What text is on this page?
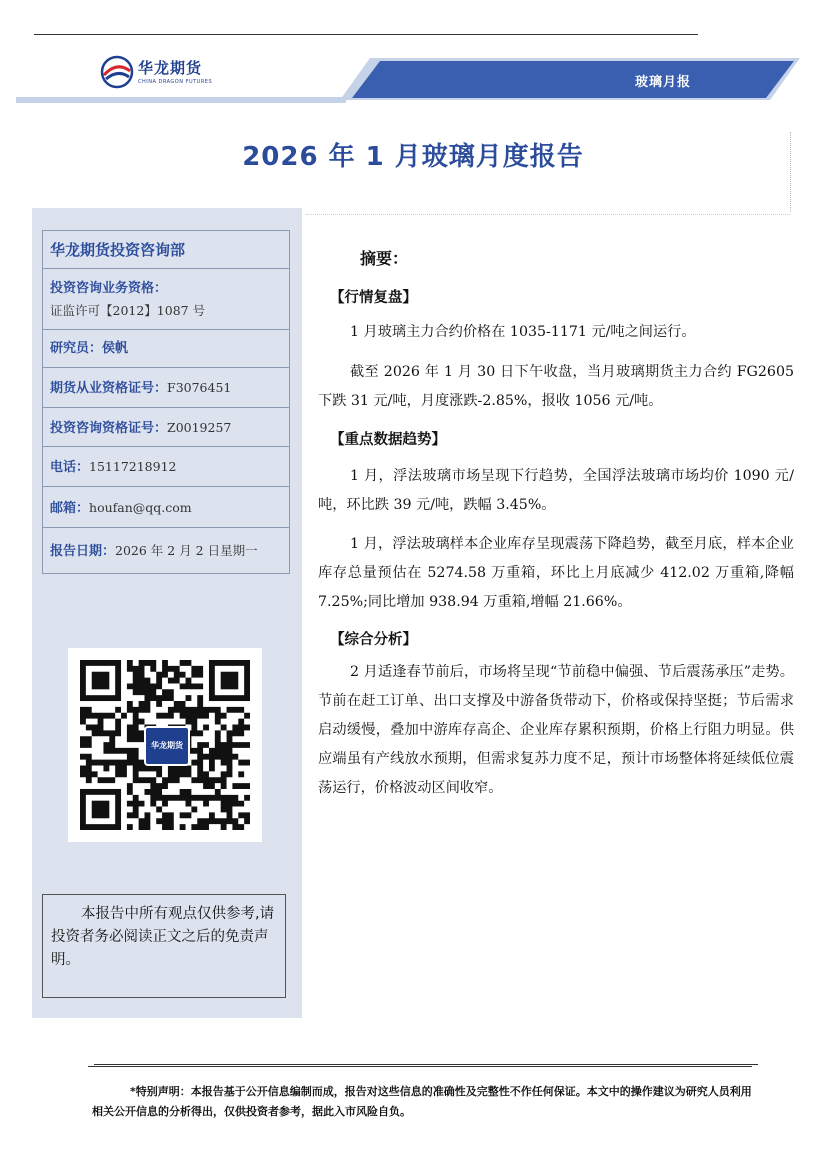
华龙期货
CHINA DRAGON FUTURES	玻璃月报
2026 年 1 月玻璃月度报告
华龙期货投资咨询部
投资咨询业务资格：
证监许可【2012】1087 号
研究员：侯帆
期货从业资格证号：F3076451
投资咨询资格证号：Z0019257
电话：15117218912
邮箱：houfan@qq.com
报告日期：2026 年 2 月 2 日星期一
华龙期货
本报告中所有观点仅供参考,请投资者务必阅读正文之后的免责声明。
摘要：
【行情复盘】
1 月玻璃主力合约价格在 1035-1171 元/吨之间运行。
截至 2026 年 1 月 30 日下午收盘，当月玻璃期货主力合约 FG2605 下跌 31 元/吨，月度涨跌-2.85%，报收 1056 元/吨。
【重点数据趋势】
1 月，浮法玻璃市场呈现下行趋势，全国浮法玻璃市场均价 1090 元/吨，环比跌 39 元/吨，跌幅 3.45%。
1 月，浮法玻璃样本企业库存呈现震荡下降趋势，截至月底，样本企业库存总量预估在 5274.58 万重箱，环比上月底减少 412.02 万重箱,降幅 7.25%;同比增加 938.94 万重箱,增幅 21.66%。
【综合分析】
2 月适逢春节前后，市场将呈现“节前稳中偏强、节后震荡承压”走势。节前在赶工订单、出口支撑及中游备货带动下，价格或保持坚挺；节后需求启动缓慢，叠加中游库存高企、企业库存累积预期，价格上行阻力明显。供应端虽有产线放水预期，但需求复苏力度不足，预计市场整体将延续低位震荡运行，价格波动区间收窄。
*特别声明：本报告基于公开信息编制而成，报告对这些信息的准确性及完整性不作任何保证。本文中的操作建议为研究人员利用相关公开信息的分析得出，仅供投资者参考，据此入市风险自负。
